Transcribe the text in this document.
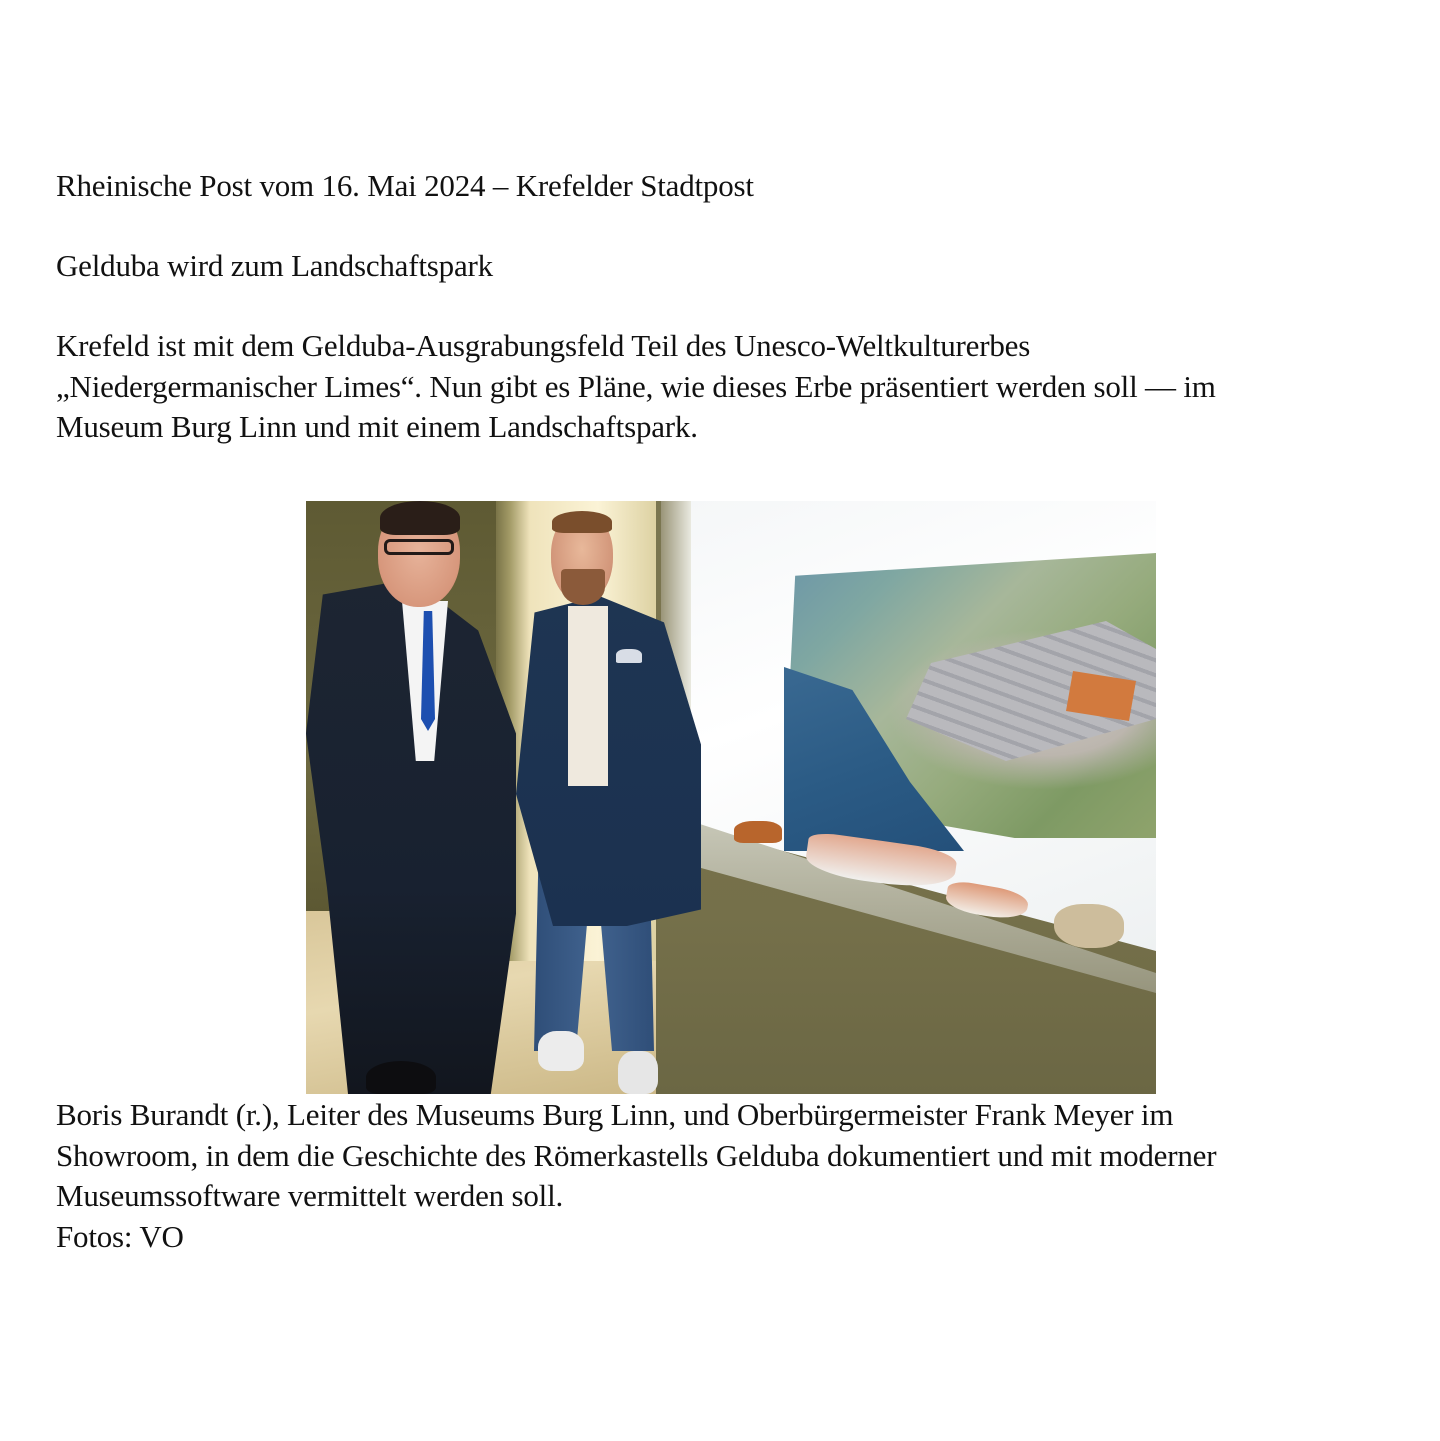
Rheinische Post vom 16. Mai 2024 – Krefelder Stadtpost

Gelduba wird zum Landschaftspark
Krefeld ist mit dem Gelduba-Ausgrabungsfeld Teil des Unesco-Weltkulturerbes
„Niedergermanischer Limes“. Nun gibt es Pläne, wie dieses Erbe präsentiert werden soll — im
Museum Burg Linn und mit einem Landschaftspark.
Boris Burandt (r.), Leiter des Museums Burg Linn, und Oberbürgermeister Frank Meyer im
Showroom, in dem die Geschichte des Römerkastells Gelduba dokumentiert und mit moderner
Museumssoftware vermittelt werden soll.
Fotos: VO
